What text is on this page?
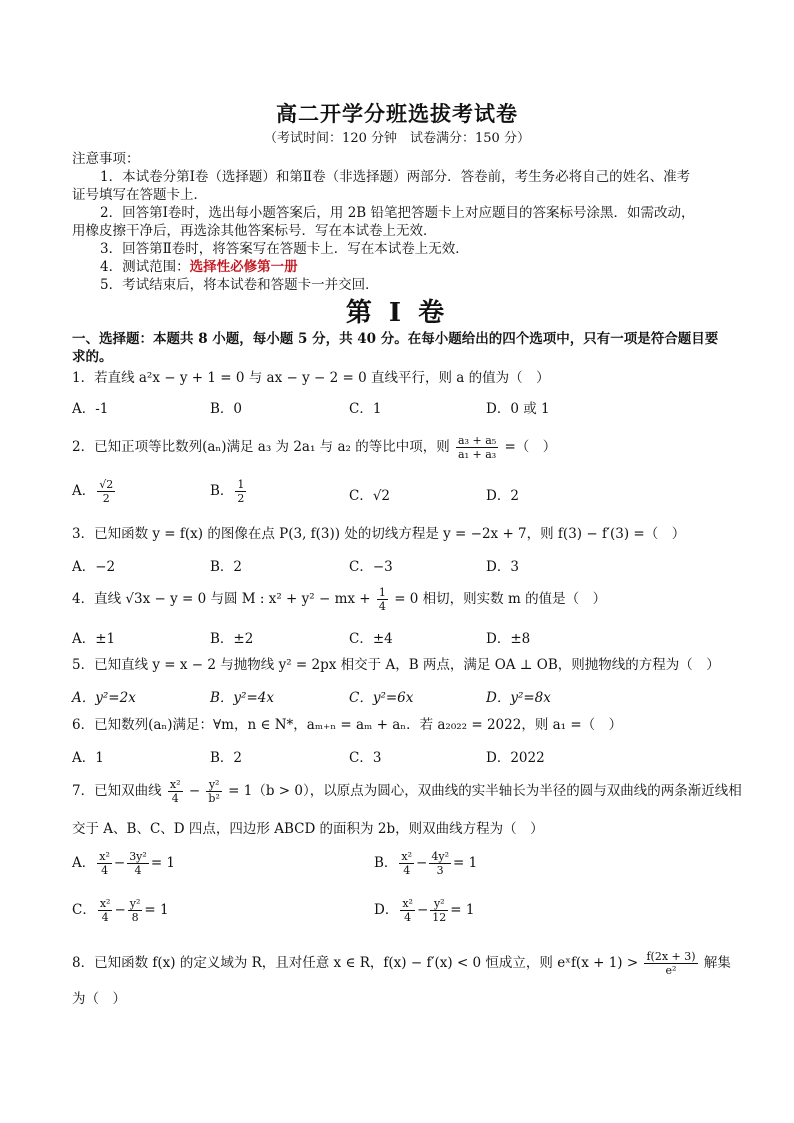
高二开学分班选拔考试卷
（考试时间：120 分钟　试卷满分：150 分）
注意事项：
1．本试卷分第Ⅰ卷（选择题）和第Ⅱ卷（非选择题）两部分．答卷前，考生务必将自己的姓名、准考
证号填写在答题卡上．
2．回答第Ⅰ卷时，选出每小题答案后，用 2B 铅笔把答题卡上对应题目的答案标号涂黑．如需改动，
用橡皮擦干净后，再选涂其他答案标号．写在本试卷上无效．
3．回答第Ⅱ卷时，将答案写在答题卡上．写在本试卷上无效．
4．测试范围：选择性必修第一册
5．考试结束后，将本试卷和答题卡一并交回．
第 I 卷
一、选择题：本题共 8 小题，每小题 5 分，共 40 分。在每小题给出的四个选项中，只有一项是符合题目要
求的。
1．若直线 a²x − y + 1 = 0 与 ax − y − 2 = 0 直线平行，则 a 的值为（　）
A．-1	B．0	C．1	D．0 或 1
2．已知正项等比数列(aₙ)满足 a₃ 为 2a₁ 与 a₂ 的等比中项，则 $\frac{\text{a₃ + a₅}}{\text{a₁ + a₃}}$ =（　）
A． $\frac{√2}{2}$	B． $\frac{1}{2}$	C．√2	D．2
3．已知函数 y = f(x) 的图像在点 P(3, f(3)) 处的切线方程是 y = −2x + 7，则 f(3) − f′(3) =（　）
A．−2	B．2	C．−3	D．3
4．直线 √3x − y = 0 与圆 M : x² + y² − mx + $\frac{1}{4} = 0$ 相切，则实数 m 的值是（　）
A．±1	B．±2	C．±4	D．±8
5．已知直线 y = x − 2 与抛物线 y² = 2px 相交于 A，B 两点，满足 OA ⊥ OB，则抛物线的方程为（　）
A．y²=2x	B．y²=4x	C．y²=6x	D．y²=8x
6．已知数列(aₙ)满足：∀m，n ∈ N*，aₘ₊ₙ = aₘ + aₙ．若 a₂₀₂₂ = 2022，则 a₁ =（　）
A．1	B．2	C．3	D．2022
7．已知双曲线 $\frac{\text{x²}}{4} - \frac{\text{y²}}{\text{b²}} = 1(b > 0)$，以原点为圆心，双曲线的实半轴长为半径的圆与双曲线的两条渐近线相
交于 A、B、C、D 四点，四边形 ABCD 的面积为 2b，则双曲线方程为（　）
A． $\frac{\text{x²}}{4} - \frac{\text{3y²}}{4} = 1$	B． $\frac{\text{x²}}{4} - \frac{\text{4y²}}{3} = 1$
C． $\frac{\text{x²}}{4} - \frac{\text{y²}}{8} = 1$	D． $\frac{\text{x²}}{4} - \frac{\text{y²}}{12} = 1$
8．已知函数 f(x) 的定义域为 R，且对任意 x ∈ R，f(x) − f′(x) < 0 恒成立，则 eˣf(x + $1) > \frac{f(2x + 3)}{\text{e²}}$ 解集
为（　）
